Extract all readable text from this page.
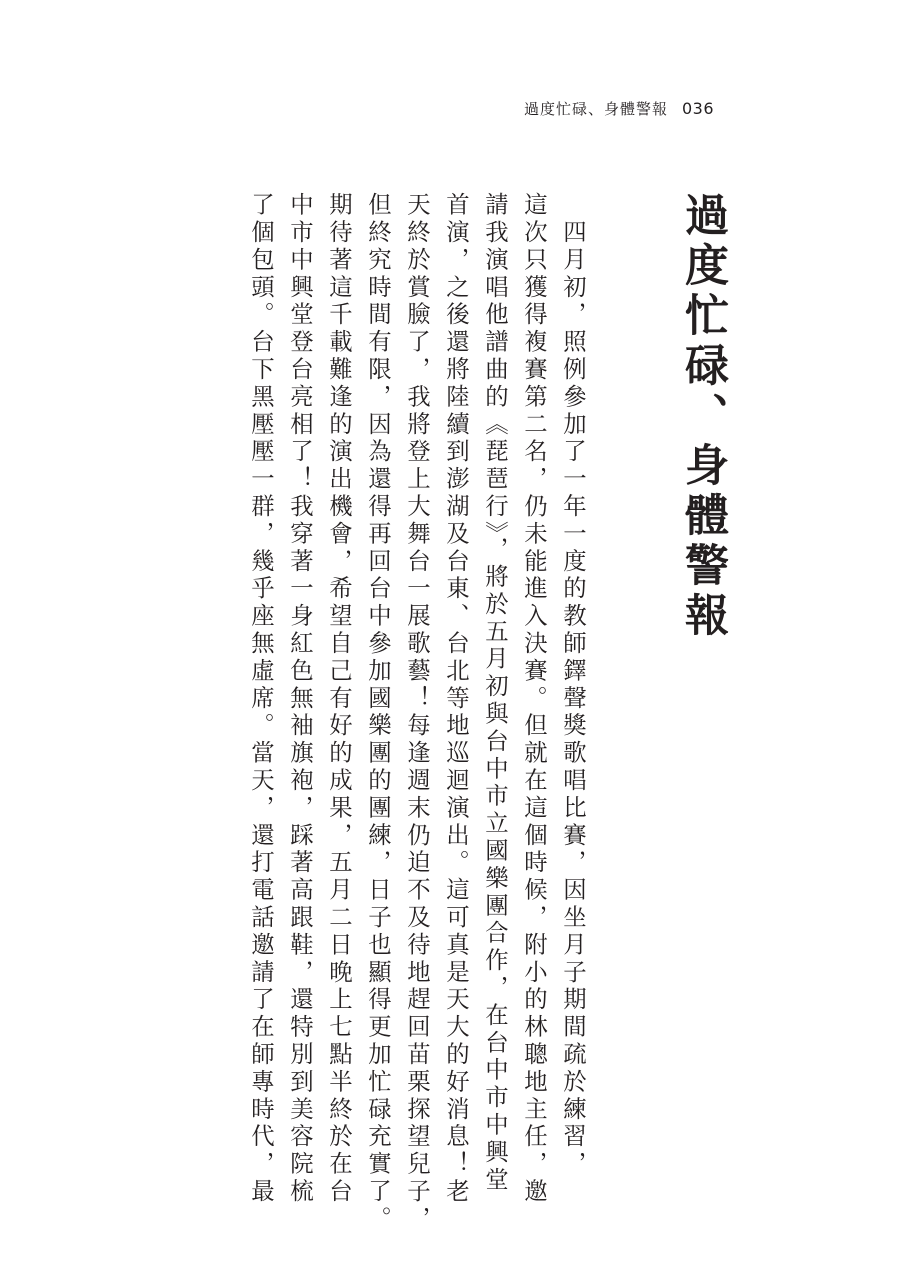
過度忙碌、身體警報 036
過度忙碌、身體警報
　四月初，照例參加了一年一度的教師鐸聲獎歌唱比賽，因坐月子期間疏於練習，
這次只獲得複賽第二名，仍未能進入決賽。但就在這個時候，附小的林聰地主任，邀
請我演唱他譜曲的《琵琶行》，將於五月初與台中市立國樂團合作，在台中市中興堂
首演，之後還將陸續到澎湖及台東、台北等地巡迴演出。這可真是天大的好消息！老
天終於賞臉了，我將登上大舞台一展歌藝！每逢週末仍迫不及待地趕回苗栗探望兒子，
但終究時間有限，因為還得再回台中參加國樂團的團練，日子也顯得更加忙碌充實了。
期待著這千載難逢的演出機會，希望自己有好的成果，五月二日晚上七點半終於在台
中市中興堂登台亮相了！我穿著一身紅色無袖旗袍，踩著高跟鞋，還特別到美容院梳
了個包頭。台下黑壓壓一群，幾乎座無虛席。當天，還打電話邀請了在師專時代，最
